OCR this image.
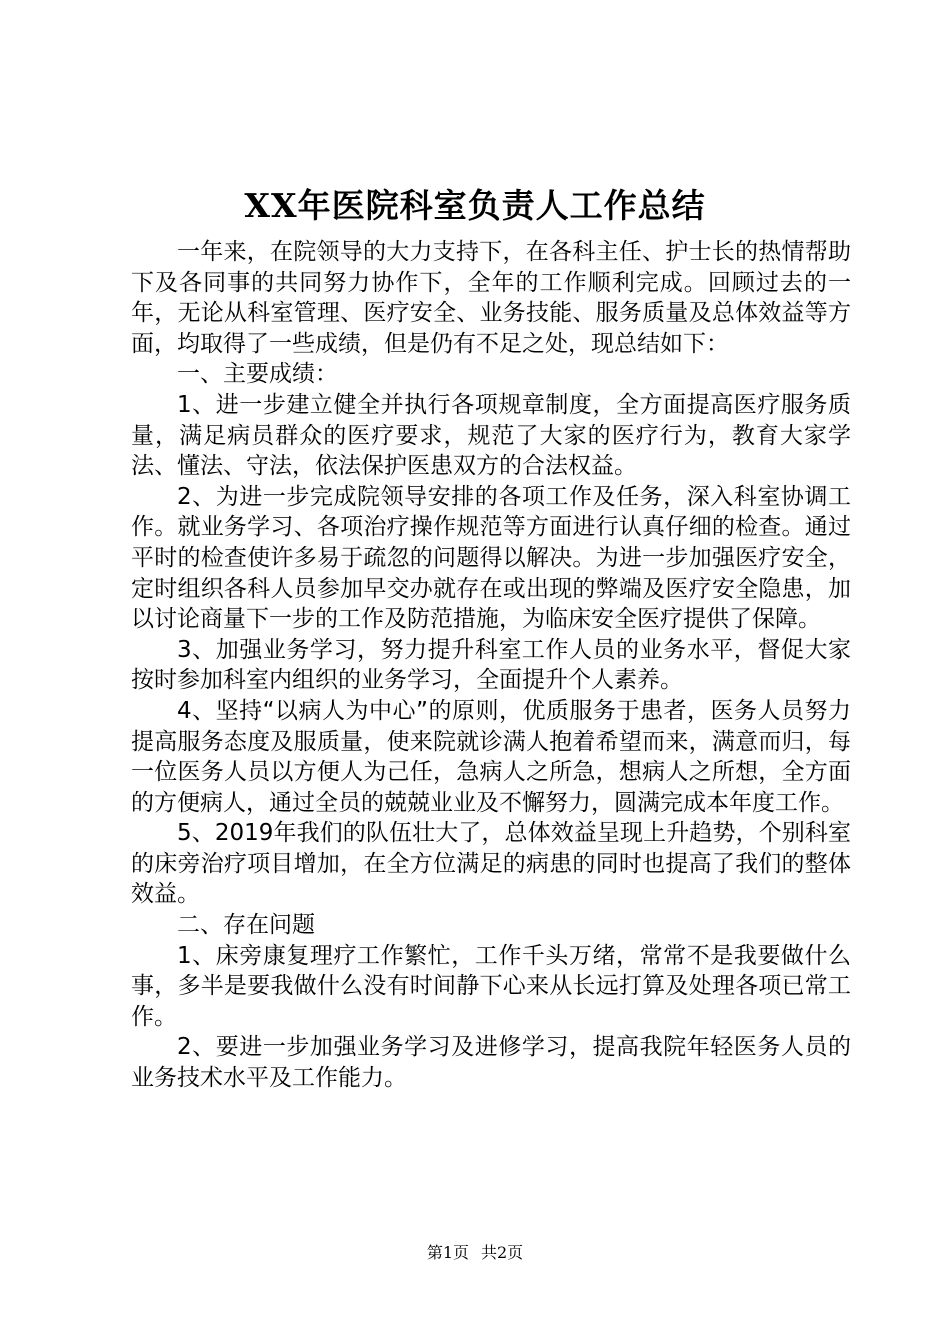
XX年医院科室负责人工作总结

一年来，在院领导的大力支持下，在各科主任、护士长的热情帮助下及各同事的共同努力协作下，全年的工作顺利完成。回顾过去的一年，无论从科室管理、医疗安全、业务技能、服务质量及总体效益等方面，均取得了一些成绩，但是仍有不足之处，现总结如下：

一、主要成绩：

1、进一步建立健全并执行各项规章制度，全方面提高医疗服务质量，满足病员群众的医疗要求，规范了大家的医疗行为，教育大家学法、懂法、守法，依法保护医患双方的合法权益。

2、为进一步完成院领导安排的各项工作及任务，深入科室协调工作。就业务学习、各项治疗操作规范等方面进行认真仔细的检查。通过平时的检查使许多易于疏忽的问题得以解决。为进一步加强医疗安全，定时组织各科人员参加早交办就存在或出现的弊端及医疗安全隐患，加以讨论商量下一步的工作及防范措施，为临床安全医疗提供了保障。

3、加强业务学习，努力提升科室工作人员的业务水平，督促大家按时参加科室内组织的业务学习，全面提升个人素养。

4、坚持“以病人为中心”的原则，优质服务于患者，医务人员努力提高服务态度及服质量，使来院就诊满人抱着希望而来，满意而归，每一位医务人员以方便人为己任，急病人之所急，想病人之所想，全方面的方便病人，通过全员的兢兢业业及不懈努力，圆满完成本年度工作。

5、2019年我们的队伍壮大了，总体效益呈现上升趋势，个别科室的床旁治疗项目增加，在全方位满足的病患的同时也提高了我们的整体效益。

二、存在问题

1、床旁康复理疗工作繁忙，工作千头万绪，常常不是我要做什么事，多半是要我做什么没有时间静下心来从长远打算及处理各项已常工作。

2、要进一步加强业务学习及进修学习，提高我院年轻医务人员的业务技术水平及工作能力。

第1页 共2页
